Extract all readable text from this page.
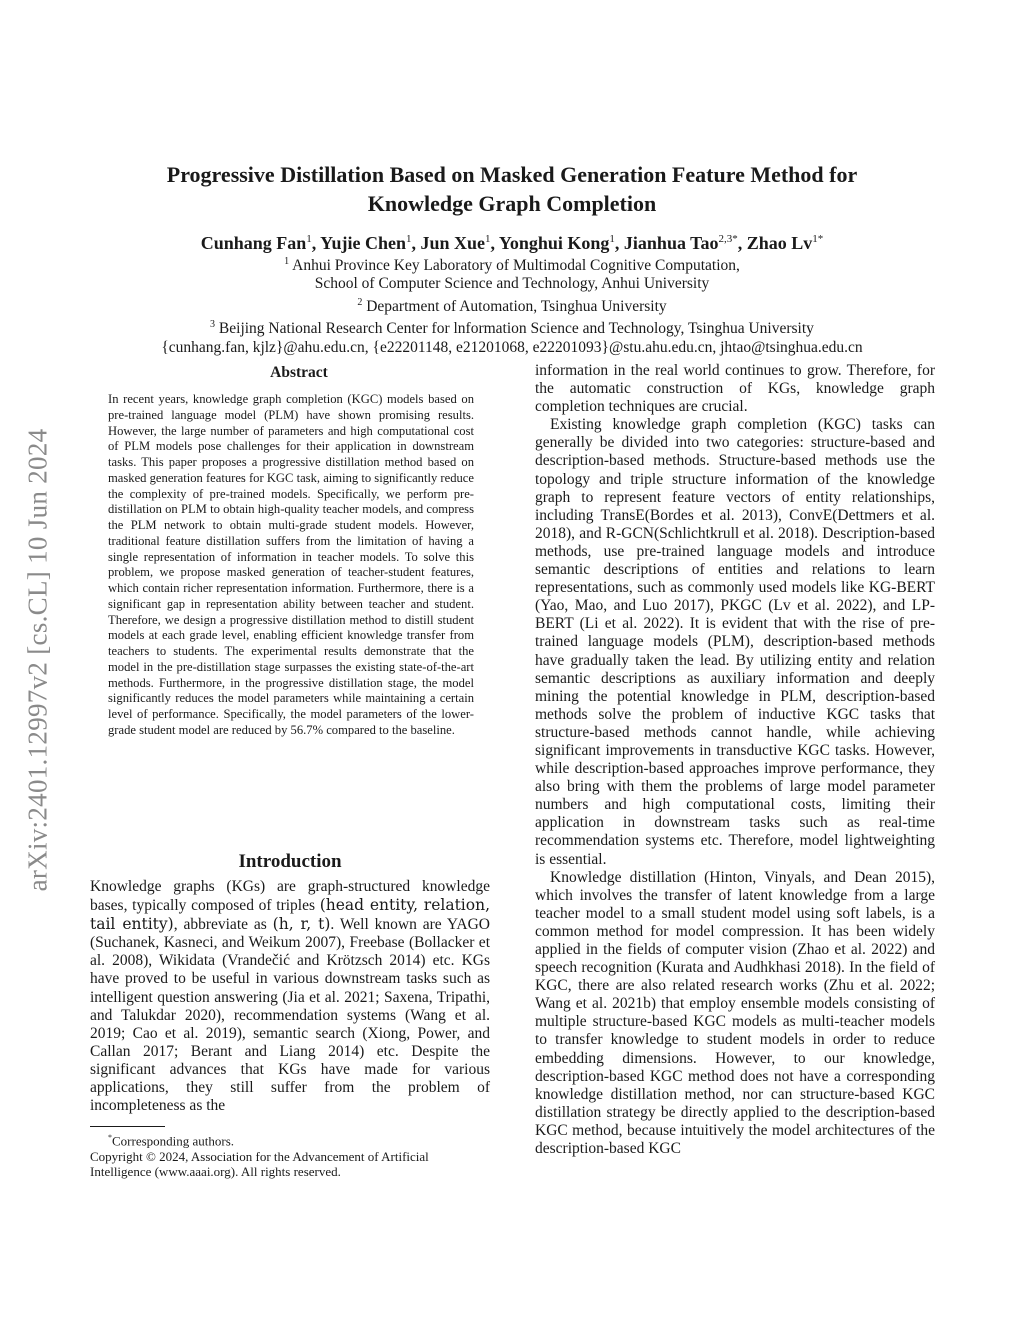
arXiv:2401.12997v2 [cs.CL] 10 Jun 2024
Progressive Distillation Based on Masked Generation Feature Method for
Knowledge Graph Completion
Cunhang Fan$^1$, Yujie Chen$^1$, Jun Xue$^1$, Yonghui Kong$^1$, Jianhua Tao$^{2,3*}$, Zhao $Lv^{1*}$
$^1$ Anhui Province Key Laboratory of Multimodal Cognitive Computation,
School of Computer Science and Technology, Anhui University
$^2$ Department of Automation, Tsinghua University
$^3$ Beijing National Research Center for lnformation Science and Technology, Tsinghua University
{cunhang.fan, kjlz}@ahu.edu.cn, {e22201148, e21201068, e22201093}@stu.ahu.edu.cn, jhtao@tsinghua.edu.cn
Abstract

In recent years, knowledge graph completion (KGC) models based on pre-trained language model (PLM) have shown promising results. However, the large number of parameters and high computational cost of PLM models pose challenges for their application in downstream tasks. This paper proposes a progressive distillation method based on masked generation features for KGC task, aiming to significantly reduce the complexity of pre-trained models. Specifically, we perform pre-distillation on PLM to obtain high-quality teacher models, and compress the PLM network to obtain multi-grade student models. However, traditional feature distillation suffers from the limitation of having a single representation of information in teacher models. To solve this problem, we propose masked generation of teacher-student features, which contain richer representation information. Furthermore, there is a significant gap in representation ability between teacher and student. Therefore, we design a progressive distillation method to distill student models at each grade level, enabling efficient knowledge transfer from teachers to students. The experimental results demonstrate that the model in the pre-distillation stage surpasses the existing state-of-the-art methods. Furthermore, in the progressive distillation stage, the model significantly reduces the model parameters while maintaining a certain level of performance. Specifically, the model parameters of the lower-grade student model are reduced by 56.7% compared to the baseline.

Introduction

Knowledge graphs (KGs) are graph-structured knowledge bases, typically composed of triples (head entity, relation, tail entity), abbreviate as (h, r, t). Well known are YAGO (Suchanek, Kasneci, and Weikum 2007), Freebase (Bollacker et al. 2008), Wikidata (Vrandečić and Krötzsch 2014) etc. KGs have proved to be useful in various downstream tasks such as intelligent question answering (Jia et al. 2021; Saxena, Tripathi, and Talukdar 2020), recommendation systems (Wang et al. 2019; Cao et al. 2019), semantic search (Xiong, Power, and Callan 2017; Berant and Liang 2014) etc. Despite the significant advances that KGs have made for various applications, they still suffer from the problem of incompleteness as the

*Corresponding authors.

Copyright © 2024, Association for the Advancement of Artificial Intelligence (www.aaai.org). All rights reserved.

information in the real world continues to grow. Therefore, for the automatic construction of KGs, knowledge graph completion techniques are crucial.

Existing knowledge graph completion (KGC) tasks can generally be divided into two categories: structure-based and description-based methods. Structure-based methods use the topology and triple structure information of the knowledge graph to represent feature vectors of entity relationships, including TransE(Bordes et al. 2013), ConvE(Dettmers et al. 2018), and R-GCN(Schlichtkrull et al. 2018). Description-based methods, use pre-trained language models and introduce semantic descriptions of entities and relations to learn representations, such as commonly used models like KG-BERT (Yao, Mao, and Luo 2017), PKGC (Lv et al. 2022), and LP-BERT (Li et al. 2022). It is evident that with the rise of pre-trained language models (PLM), description-based methods have gradually taken the lead. By utilizing entity and relation semantic descriptions as auxiliary information and deeply mining the potential knowledge in PLM, description-based methods solve the problem of inductive KGC tasks that structure-based methods cannot handle, while achieving significant improvements in transductive KGC tasks. However, while description-based approaches improve performance, they also bring with them the problems of large model parameter numbers and high computational costs, limiting their application in downstream tasks such as real-time recommendation systems etc. Therefore, model lightweighting is essential.

Knowledge distillation (Hinton, Vinyals, and Dean 2015), which involves the transfer of latent knowledge from a large teacher model to a small student model using soft labels, is a common method for model compression. It has been widely applied in the fields of computer vision (Zhao et al. 2022) and speech recognition (Kurata and Audhkhasi 2018). In the field of KGC, there are also related research works (Zhu et al. 2022; Wang et al. 2021b) that employ ensemble models consisting of multiple structure-based KGC models as multi-teacher models to transfer knowledge to student models in order to reduce embedding dimensions. However, to our knowledge, description-based KGC method does not have a corresponding knowledge distillation method, nor can structure-based KGC distillation strategy be directly applied to the description-based KGC method, because intuitively the model architectures of the description-based KGC
